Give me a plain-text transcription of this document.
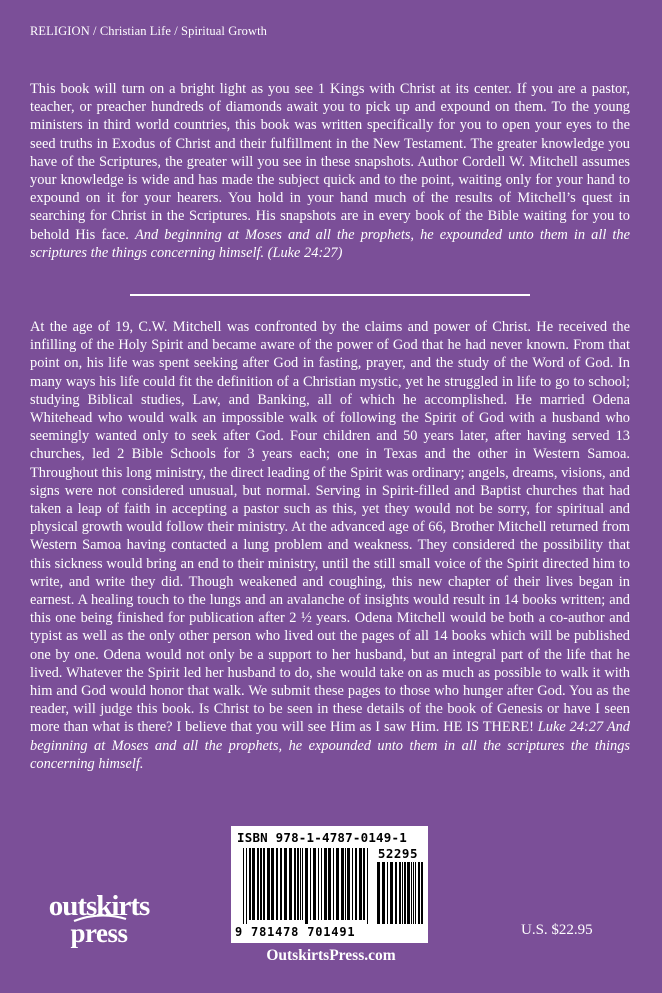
RELIGION / Christian Life / Spiritual Growth

This book will turn on a bright light as you see 1 Kings with Christ at its center. If you are a pastor, teacher, or preacher hundreds of diamonds await you to pick up and expound on them. To the young ministers in third world countries, this book was written specifically for you to open your eyes to the seed truths in Exodus of Christ and their fulfillment in the New Testament. The greater knowledge you have of the Scriptures, the greater will you see in these snapshots. Author Cordell W. Mitchell assumes your knowledge is wide and has made the subject quick and to the point, waiting only for your hand to expound on it for your hearers. You hold in your hand much of the results of Mitchell’s quest in searching for Christ in the Scriptures. His snapshots are in every book of the Bible waiting for you to behold His face. And beginning at Moses and all the prophets, he expounded unto them in all the scriptures the things concerning himself. (Luke 24:27)

At the age of 19, C.W. Mitchell was confronted by the claims and power of Christ. He received the infilling of the Holy Spirit and became aware of the power of God that he had never known. From that point on, his life was spent seeking after God in fasting, prayer, and the study of the Word of God. In many ways his life could fit the definition of a Christian mystic, yet he struggled in life to go to school; studying Biblical studies, Law, and Banking, all of which he accomplished. He married Odena Whitehead who would walk an impossible walk of following the Spirit of God with a husband who seemingly wanted only to seek after God. Four children and 50 years later, after having served 13 churches, led 2 Bible Schools for 3 years each; one in Texas and the other in Western Samoa. Throughout this long ministry, the direct leading of the Spirit was ordinary; angels, dreams, visions, and signs were not considered unusual, but normal. Serving in Spirit-filled and Baptist churches that had taken a leap of faith in accepting a pastor such as this, yet they would not be sorry, for spiritual and physical growth would follow their ministry. At the advanced age of 66, Brother Mitchell returned from Western Samoa having contacted a lung problem and weakness. They considered the possibility that this sickness would bring an end to their ministry, until the still small voice of the Spirit directed him to write, and write they did. Though weakened and coughing, this new chapter of their lives began in earnest. A healing touch to the lungs and an avalanche of insights would result in 14 books written; and this one being finished for publication after 2 ½ years. Odena Mitchell would be both a co-author and typist as well as the only other person who lived out the pages of all 14 books which will be published one by one. Odena would not only be a support to her husband, but an integral part of the life that he lived. Whatever the Spirit led her husband to do, she would take on as much as possible to walk it with him and God would honor that walk. We submit these pages to those who hunger after God. You as the reader, will judge this book. Is Christ to be seen in these details of the book of Genesis or have I seen more than what is there? I believe that you will see Him as I saw Him. HE IS THERE! Luke 24:27 And beginning at Moses and all the prophets, he expounded unto them in all the scriptures the things concerning himself.

ISBN 978-1-4787-0149-1
52295
9 781478 701491
outskirts
press	U.S. $22.95
OutskirtsPress.com
